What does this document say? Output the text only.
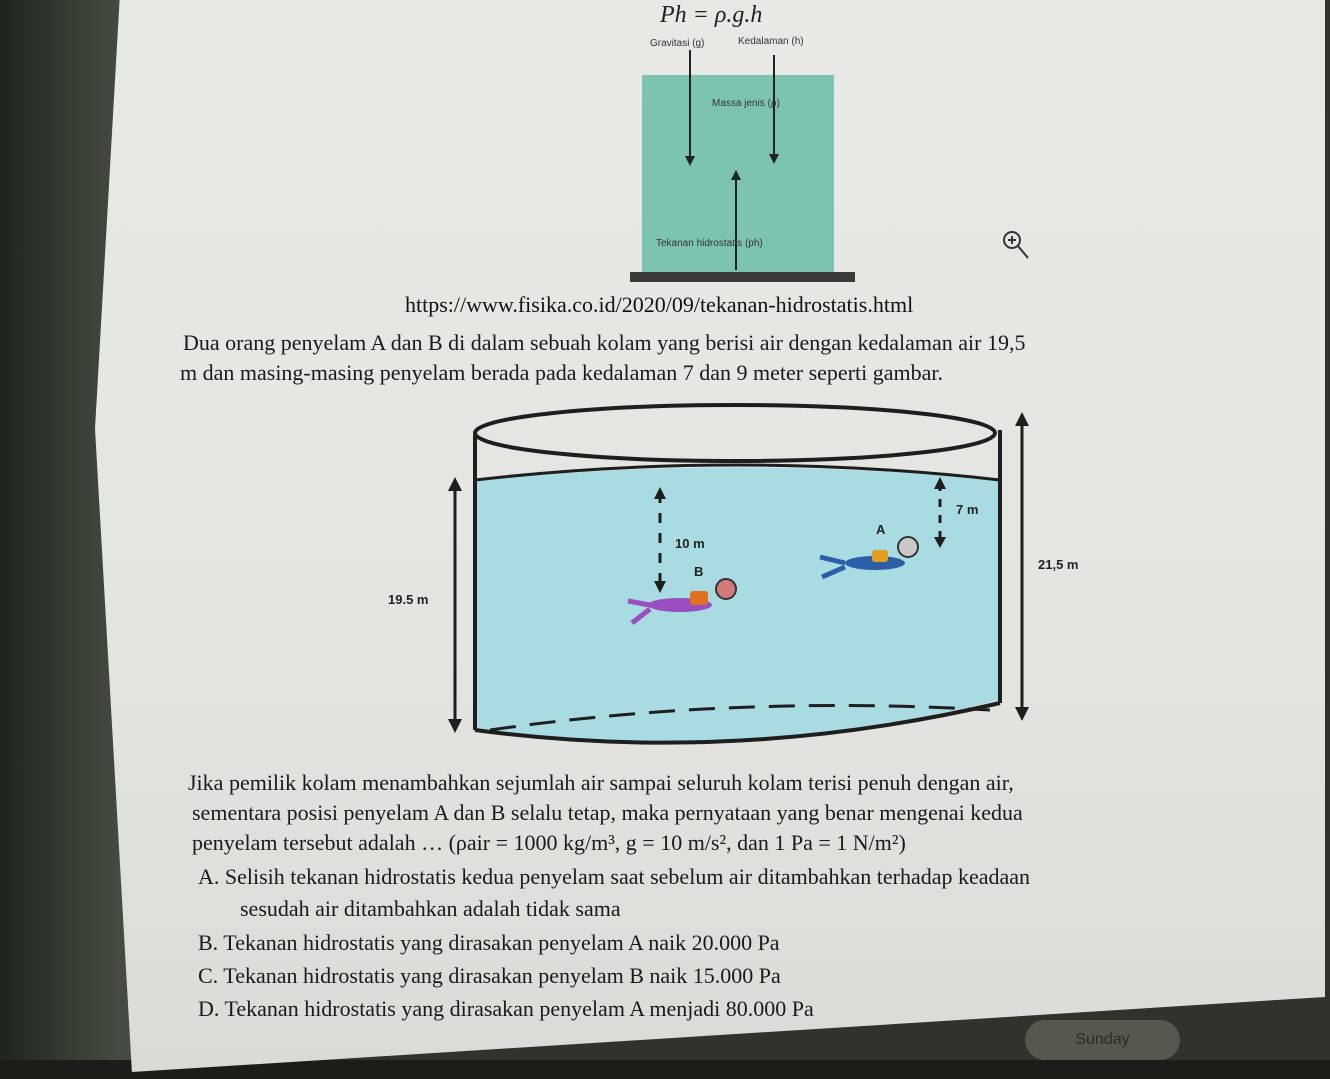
Ph = ρ.g.h
Gravitasi (g)	Kedalaman (h)
Massa jenis (ρ)
Tekanan hidrostatis (ph)
https://www.fisika.co.id/2020/09/tekanan-hidrostatis.html
Dua orang penyelam A dan B di dalam sebuah kolam yang berisi air dengan kedalaman air 19,5
m dan masing-masing penyelam berada pada kedalaman 7 dan 9 meter seperti gambar.
19.5 m
21,5 m
7 m
10 m
A
B
Jika pemilik kolam menambahkan sejumlah air sampai seluruh kolam terisi penuh dengan air,
sementara posisi penyelam A dan B selalu tetap, maka pernyataan yang benar mengenai kedua
penyelam tersebut adalah … (ρair = 1000 kg/m³, g = 10 m/s², dan 1 Pa = 1 N/m²)
A. Selisih tekanan hidrostatis kedua penyelam saat sebelum air ditambahkan terhadap keadaan
sesudah air ditambahkan adalah tidak sama
B. Tekanan hidrostatis yang dirasakan penyelam A naik 20.000 Pa
C. Tekanan hidrostatis yang dirasakan penyelam B naik 15.000 Pa
D. Tekanan hidrostatis yang dirasakan penyelam A menjadi 80.000 Pa
Sunday
